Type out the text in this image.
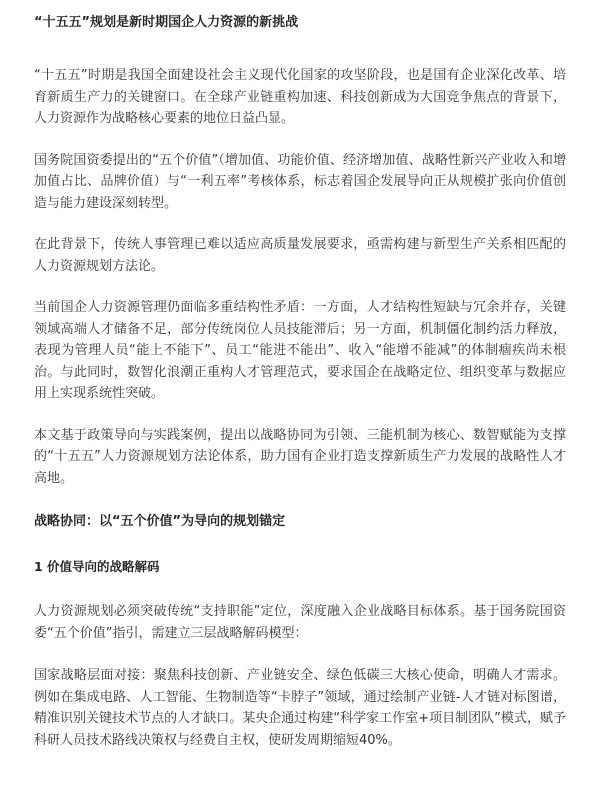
“十五五”规划是新时期国企人力资源的新挑战

“十五五”时期是我国全面建设社会主义现代化国家的攻坚阶段，也是国有企业深化改革、培育新质生产力的关键窗口。在全球产业链重构加速、科技创新成为大国竞争焦点的背景下，人力资源作为战略核心要素的地位日益凸显。

国务院国资委提出的“五个价值”（增加值、功能价值、经济增加值、战略性新兴产业收入和增加值占比、品牌价值）与“一利五率”考核体系，标志着国企发展导向正从规模扩张向价值创造与能力建设深刻转型。

在此背景下，传统人事管理已难以适应高质量发展要求，亟需构建与新型生产关系相匹配的人力资源规划方法论。

当前国企人力资源管理仍面临多重结构性矛盾：一方面，人才结构性短缺与冗余并存，关键领域高端人才储备不足，部分传统岗位人员技能滞后；另一方面，机制僵化制约活力释放，表现为管理人员“能上不能下”、员工“能进不能出”、收入“能增不能减”的体制痼疾尚未根治。与此同时，数智化浪潮正重构人才管理范式，要求国企在战略定位、组织变革与数据应用上实现系统性突破。

本文基于政策导向与实践案例，提出以战略协同为引领、三能机制为核心、数智赋能为支撑的“十五五”人力资源规划方法论体系，助力国有企业打造支撑新质生产力发展的战略性人才高地。

战略协同：以“五个价值”为导向的规划锚定
1 价值导向的战略解码

人力资源规划必须突破传统“支持职能”定位，深度融入企业战略目标体系。基于国务院国资委“五个价值”指引，需建立三层战略解码模型：

国家战略层面对接：聚焦科技创新、产业链安全、绿色低碳三大核心使命，明确人才需求。例如在集成电路、人工智能、生物制造等“卡脖子”领域，通过绘制产业链-人才链对标图谱，精准识别关键技术节点的人才缺口。某央企通过构建“科学家工作室+项目制团队”模式，赋予科研人员技术路线决策权与经费自主权，使研发周期缩短40%。
